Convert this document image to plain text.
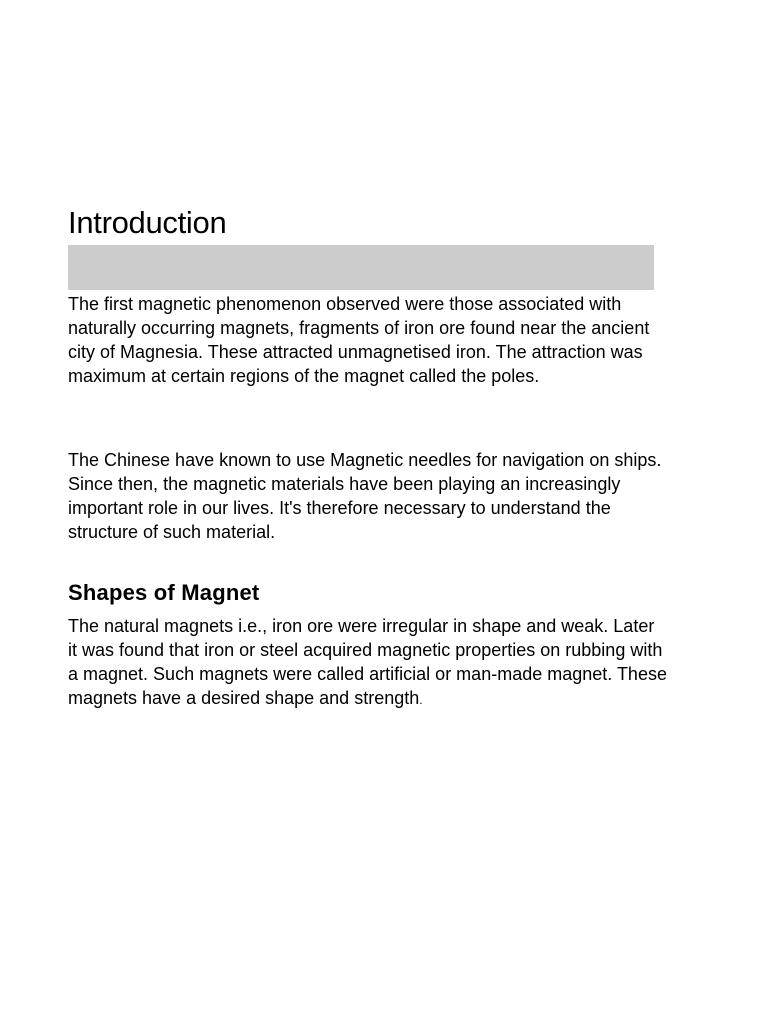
Introduction

The first magnetic phenomenon observed were those associated with naturally occurring magnets, fragments of iron ore found near the ancient city of Magnesia. These attracted unmagnetised iron. The attraction was maximum at certain regions of the magnet called the poles.

The Chinese have known to use Magnetic needles for navigation on ships. Since then, the magnetic materials have been playing an increasingly important role in our lives. It's therefore necessary to understand the structure of such material.

Shapes of Magnet

The natural magnets i.e., iron ore were irregular in shape and weak. Later it was found that iron or steel acquired magnetic properties on rubbing with a magnet. Such magnets were called artificial or man-made magnet. These magnets have a desired shape and strength.
